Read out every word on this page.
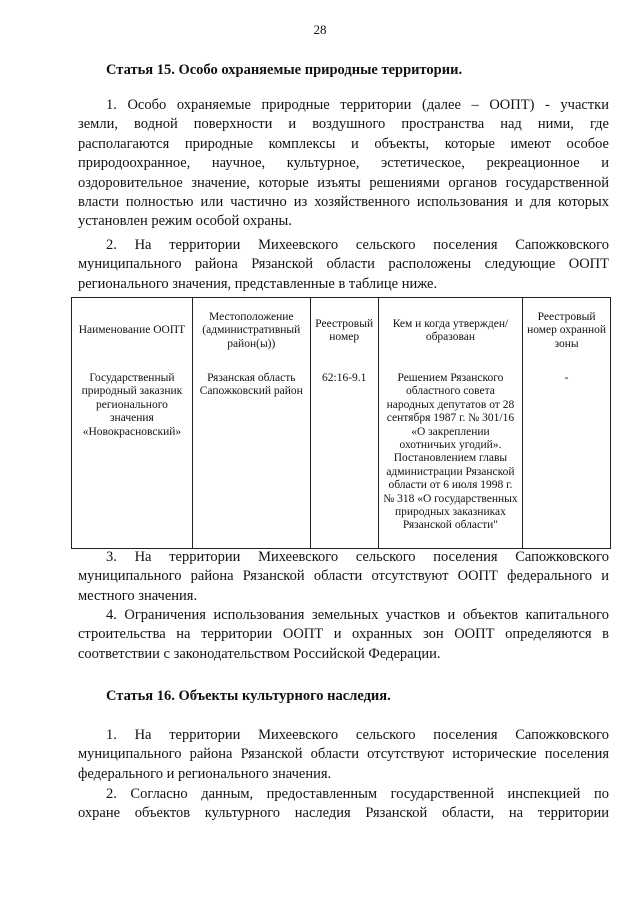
28
Статья 15. Особо охраняемые природные территории.
1. Особо охраняемые природные территории (далее – ООПТ) - участки
земли, водной поверхности и воздушного пространства над ними, где
располагаются природные комплексы и объекты, которые имеют особое
природоохранное, научное, культурное, эстетическое, рекреационное и
оздоровительное значение, которые изъяты решениями органов государственной
власти полностью или частично из хозяйственного использования и для которых
установлен режим особой охраны.
2. На территории Михеевского сельского поселения Сапожковского
муниципального района Рязанской области расположены следующие ООПТ
регионального значения, представленные в таблице ниже.
Наименование ООПТ	Местоположение (административный район(ы))	Реестровый номер	Кем и когда утвержден/ образован	Реестровый номер охранной зоны
Государственный природный заказник регионального значения «Новокрасновский»	Рязанская область Сапожковский район	62:16-9.1	Решением Рязанского областного совета народных депутатов от 28 сентября 1987 г. № 301/16 «О закреплении охотничьих угодий». Постановлением главы администрации Рязанской области от 6 июля 1998 г. № 318 «О государственных природных заказниках Рязанской области"	-
3. На территории Михеевского сельского поселения Сапожковского
муниципального района Рязанской области отсутствуют ООПТ федерального и
местного значения.
4. Ограничения использования земельных участков и объектов капитального
строительства на территории ООПТ и охранных зон ООПТ определяются в
соответствии с законодательством Российской Федерации.
Статья 16. Объекты культурного наследия.
1. На территории Михеевского сельского поселения Сапожковского
муниципального района Рязанской области отсутствуют исторические поселения
федерального и регионального значения.
2. Согласно данным, предоставленным государственной инспекцией по
охране объектов культурного наследия Рязанской области, на территории
